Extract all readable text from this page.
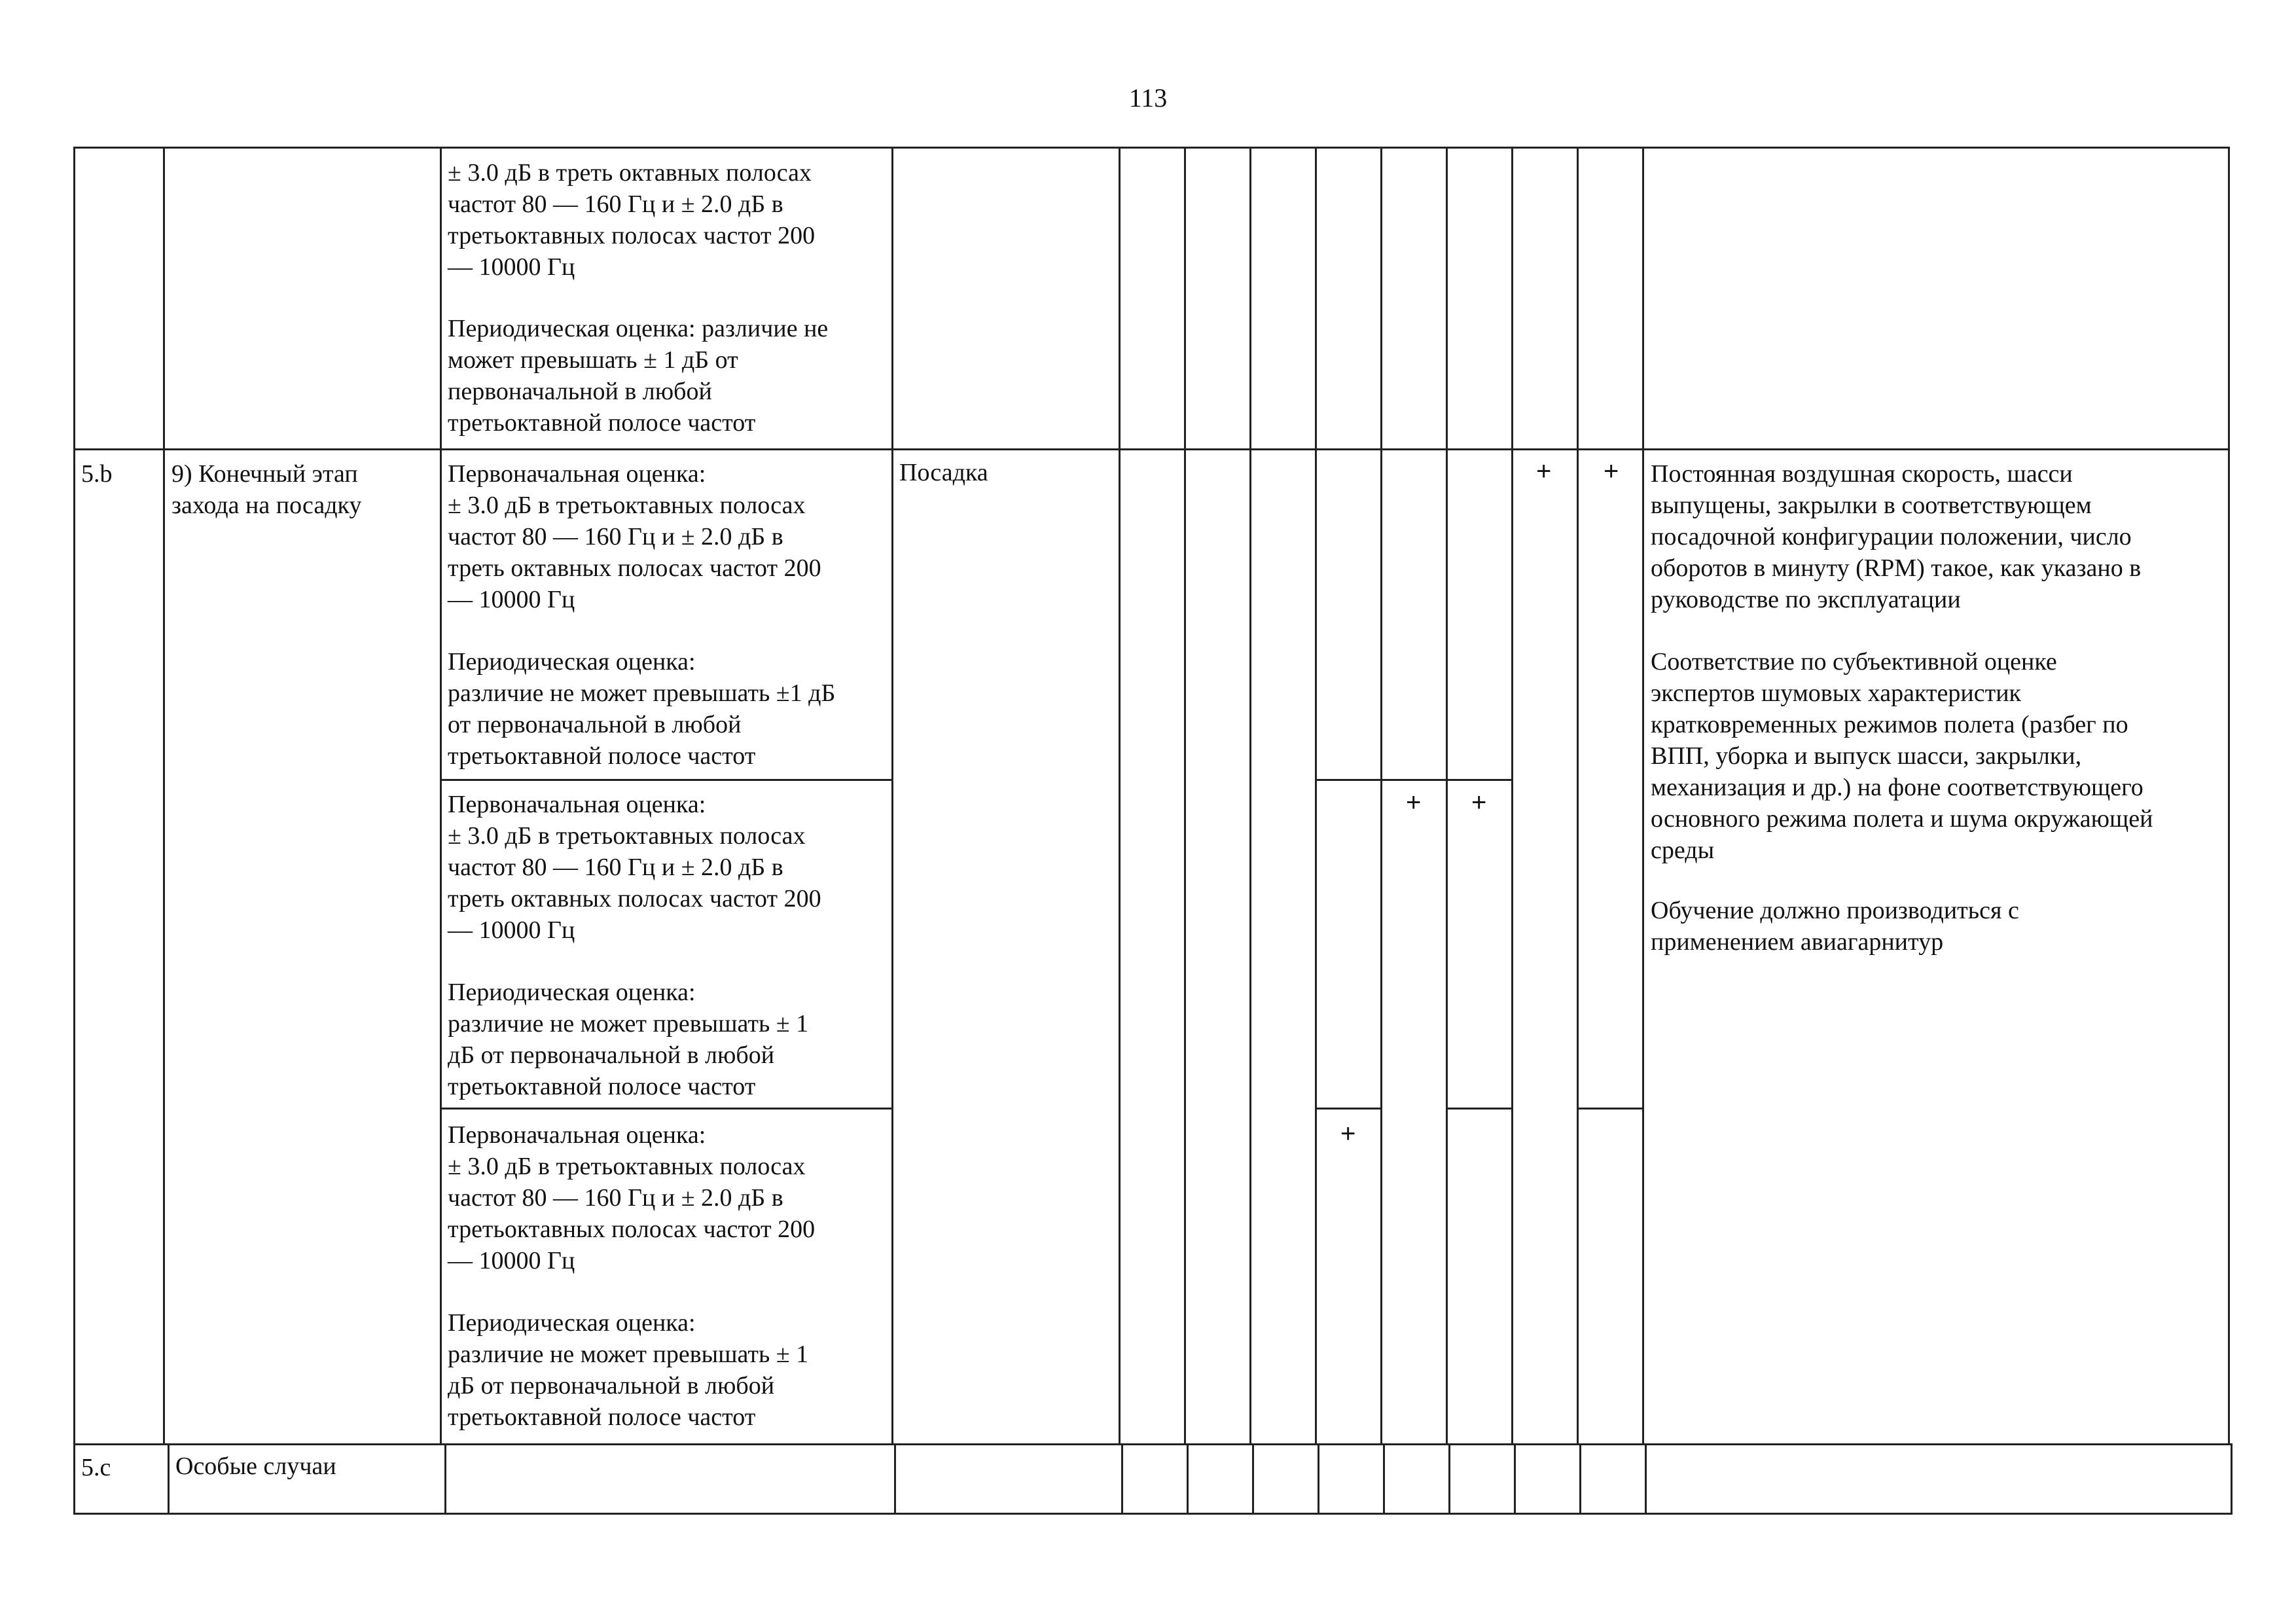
113
± 3.0 дБ в треть октавных полосах
частот 80 — 160 Гц и ± 2.0 дБ в
третьоктавных полосах частот 200
— 10000 Гц
Периодическая оценка: различие не
может превышать ± 1 дБ от
первоначальной в любой
третьоктавной полосе частот
5.b 9) Конечный этап
захода на посадку
Посадка
Первоначальная оценка:
± 3.0 дБ в третьоктавных полосах
частот 80 — 160 Гц и ± 2.0 дБ в
треть октавных полосах частот 200
— 10000 Гц
Периодическая оценка:
различие не может превышать ±1 дБ
от первоначальной в любой
третьоктавной полосе частот
Первоначальная оценка:
± 3.0 дБ в третьоктавных полосах
частот 80 — 160 Гц и ± 2.0 дБ в
треть октавных полосах частот 200
— 10000 Гц
Периодическая оценка:
различие не может превышать ± 1
дБ от первоначальной в любой
третьоктавной полосе частот
Первоначальная оценка:
± 3.0 дБ в третьоктавных полосах
частот 80 — 160 Гц и ± 2.0 дБ в
третьоктавных полосах частот 200
— 10000 Гц
Периодическая оценка:
различие не может превышать ± 1
дБ от первоначальной в любой
третьоктавной полосе частот
+ +
+ +
+
Постоянная воздушная скорость, шасси
выпущены, закрылки в соответствующем
посадочной конфигурации положении, число
оборотов в минуту (RPM) такое, как указано в
руководстве по эксплуатации
Соответствие по субъективной оценке
экспертов шумовых характеристик
кратковременных режимов полета (разбег по
ВПП, уборка и выпуск шасси, закрылки,
механизация и др.) на фоне соответствующего
основного режима полета и шума окружающей
среды
Обучение должно производиться с
применением авиагарнитур
5.c	Особые случаи
